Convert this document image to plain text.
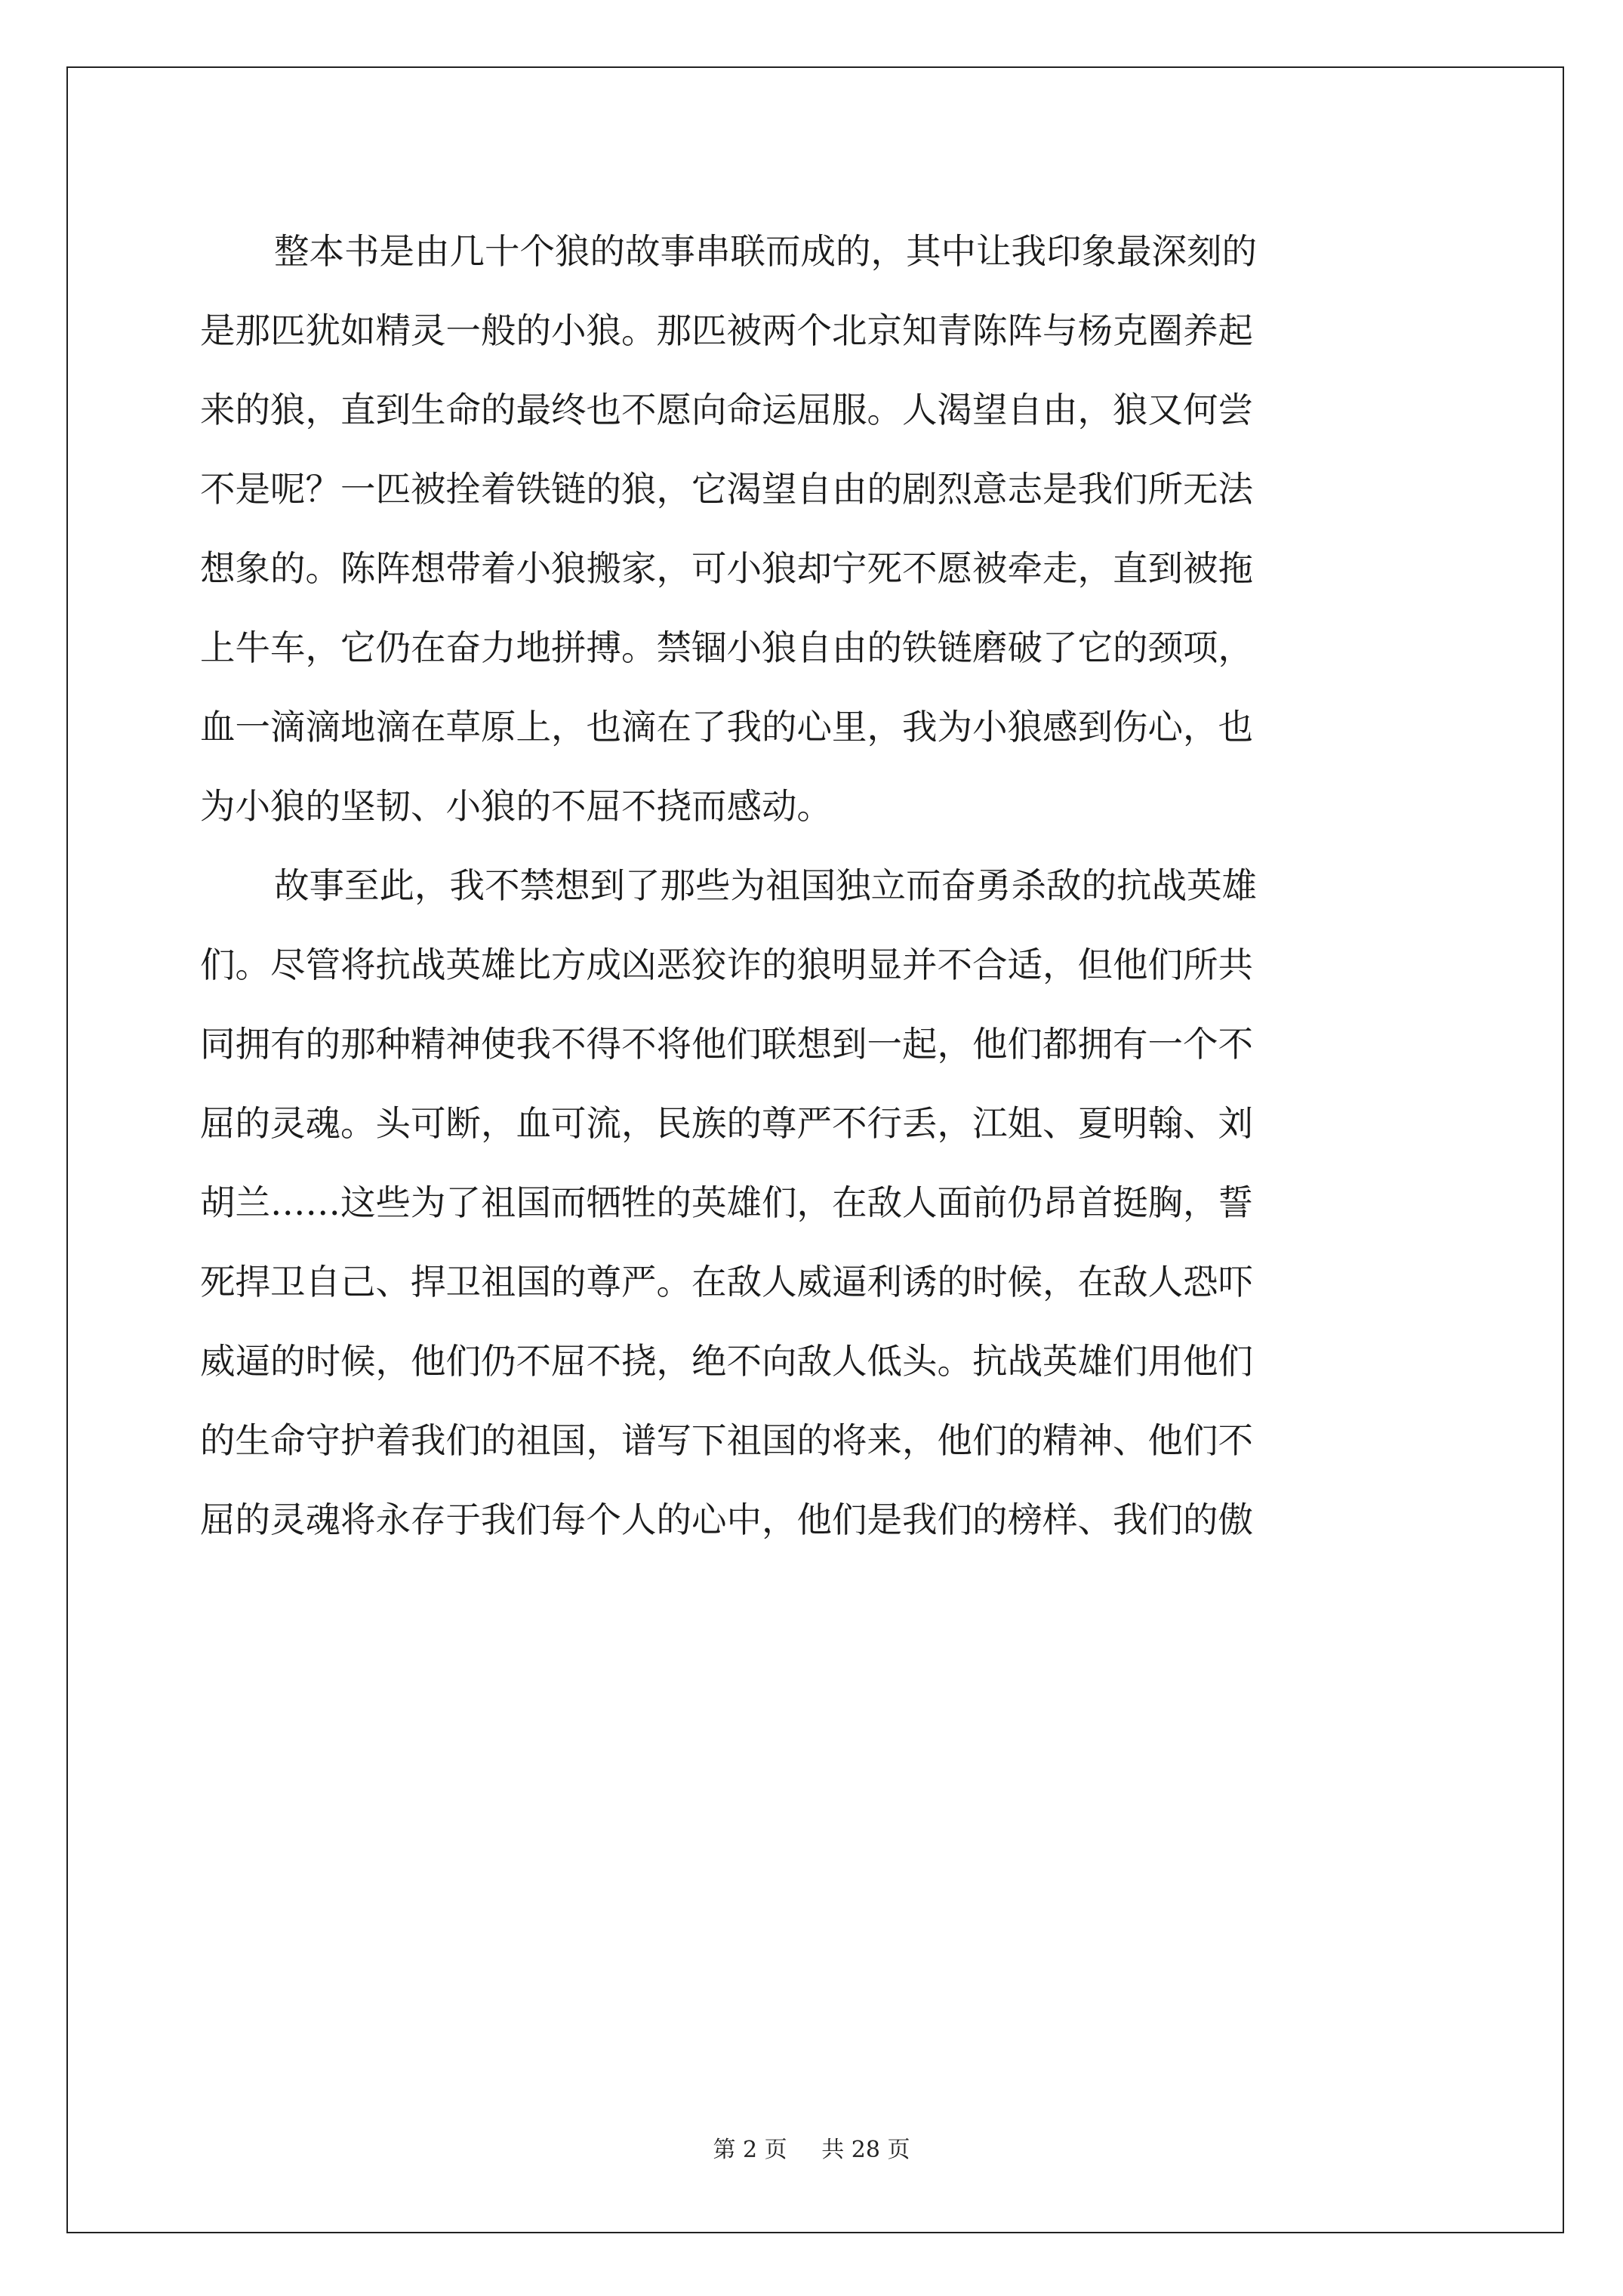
整本书是由几十个狼的故事串联而成的，其中让我印象最深刻的
是那匹犹如精灵一般的小狼。那匹被两个北京知青陈阵与杨克圈养起
来的狼，直到生命的最终也不愿向命运屈服。人渴望自由，狼又何尝
不是呢？一匹被拴着铁链的狼，它渴望自由的剧烈意志是我们所无法
想象的。陈阵想带着小狼搬家，可小狼却宁死不愿被牵走，直到被拖
上牛车，它仍在奋力地拼搏。禁锢小狼自由的铁链磨破了它的颈项，
血一滴滴地滴在草原上，也滴在了我的心里，我为小狼感到伤心，也
为小狼的坚韧、小狼的不屈不挠而感动。
故事至此，我不禁想到了那些为祖国独立而奋勇杀敌的抗战英雄
们。尽管将抗战英雄比方成凶恶狡诈的狼明显并不合适，但他们所共
同拥有的那种精神使我不得不将他们联想到一起，他们都拥有一个不
屈的灵魂。头可断，血可流，民族的尊严不行丢，江姐、夏明翰、刘
胡兰……这些为了祖国而牺牲的英雄们，在敌人面前仍昂首挺胸，誓
死捍卫自己、捍卫祖国的尊严。在敌人威逼利诱的时候，在敌人恐吓
威逼的时候，他们仍不屈不挠，绝不向敌人低头。抗战英雄们用他们
的生命守护着我们的祖国，谱写下祖国的将来，他们的精神、他们不
屈的灵魂将永存于我们每个人的心中，他们是我们的榜样、我们的傲
第 2 页 共 28 页
